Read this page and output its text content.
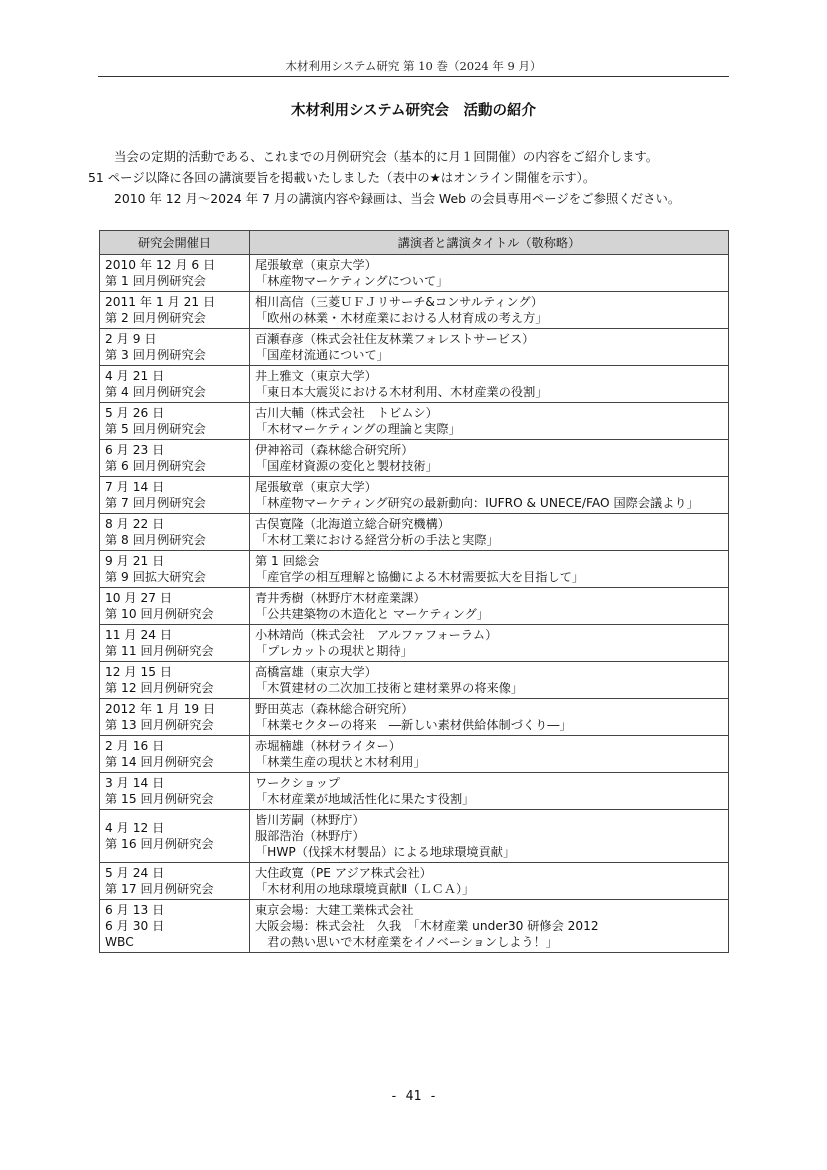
木材利用システム研究 第 10 巻（2024 年 9 月）
木材利用システム研究会　活動の紹介

当会の定期的活動である、これまでの月例研究会（基本的に月１回開催）の内容をご紹介します。

51 ページ以降に各回の講演要旨を掲載いたしました（表中の★はオンライン開催を示す）。

2010 年 12 月～2024 年 7 月の講演内容や録画は、当会 Web の会員専用ページをご参照ください。

研究会開催日	講演者と講演タイトル（敬称略）

2010 年 12 月 6 日
第 1 回月例研究会	尾張敏章（東京大学）
「林産物マーケティングについて」

2011 年 1 月 21 日
第 2 回月例研究会	相川高信（三菱ＵＦＪリサーチ&コンサルティング）
「欧州の林業・木材産業における人材育成の考え方」

2 月 9 日
第 3 回月例研究会	百瀬春彦（株式会社住友林業フォレストサービス）
「国産材流通について」

4 月 21 日
第 4 回月例研究会	井上雅文（東京大学）
「東日本大震災における木材利用、木材産業の役割」

5 月 26 日
第 5 回月例研究会	古川大輔（株式会社　トビムシ）
「木材マーケティングの理論と実際」

6 月 23 日
第 6 回月例研究会	伊神裕司（森林総合研究所）
「国産材資源の変化と製材技術」

7 月 14 日
第 7 回月例研究会	尾張敏章（東京大学）
「林産物マーケティング研究の最新動向：IUFRO & UNECE/FAO 国際会議より」

8 月 22 日
第 8 回月例研究会	古俣寛隆（北海道立総合研究機構）
「木材工業における経営分析の手法と実際」

9 月 21 日
第 9 回拡大研究会	第 1 回総会
「産官学の相互理解と協働による木材需要拡大を目指して」

10 月 27 日
第 10 回月例研究会	青井秀樹（林野庁木材産業課）
「公共建築物の木造化と マーケティング」

11 月 24 日
第 11 回月例研究会	小林靖尚（株式会社　アルファフォーラム）
「プレカットの現状と期待」

12 月 15 日
第 12 回月例研究会	高橋富雄（東京大学）
「木質建材の二次加工技術と建材業界の将来像」

2012 年 1 月 19 日
第 13 回月例研究会	野田英志（森林総合研究所）
「林業セクターの将来　―新しい素材供給体制づくり―」

2 月 16 日
第 14 回月例研究会	赤堀楠雄（林材ライター）
「林業生産の現状と木材利用」

3 月 14 日
第 15 回月例研究会	ワークショップ
「木材産業が地域活性化に果たす役割」

4 月 12 日
第 16 回月例研究会	皆川芳嗣（林野庁）
服部浩治（林野庁）
「HWP（伐採木材製品）による地球環境貢献」

5 月 24 日
第 17 回月例研究会	大住政寛（PE アジア株式会社）
「木材利用の地球環境貢献Ⅱ（ＬＣＡ）」

6 月 13 日
6 月 30 日
WBC	東京会場：大建工業株式会社
大阪会場：株式会社　久我　「木材産業 under30 研修会 2012
　君の熱い思いで木材産業をイノベーションしよう！」
- 41 -
